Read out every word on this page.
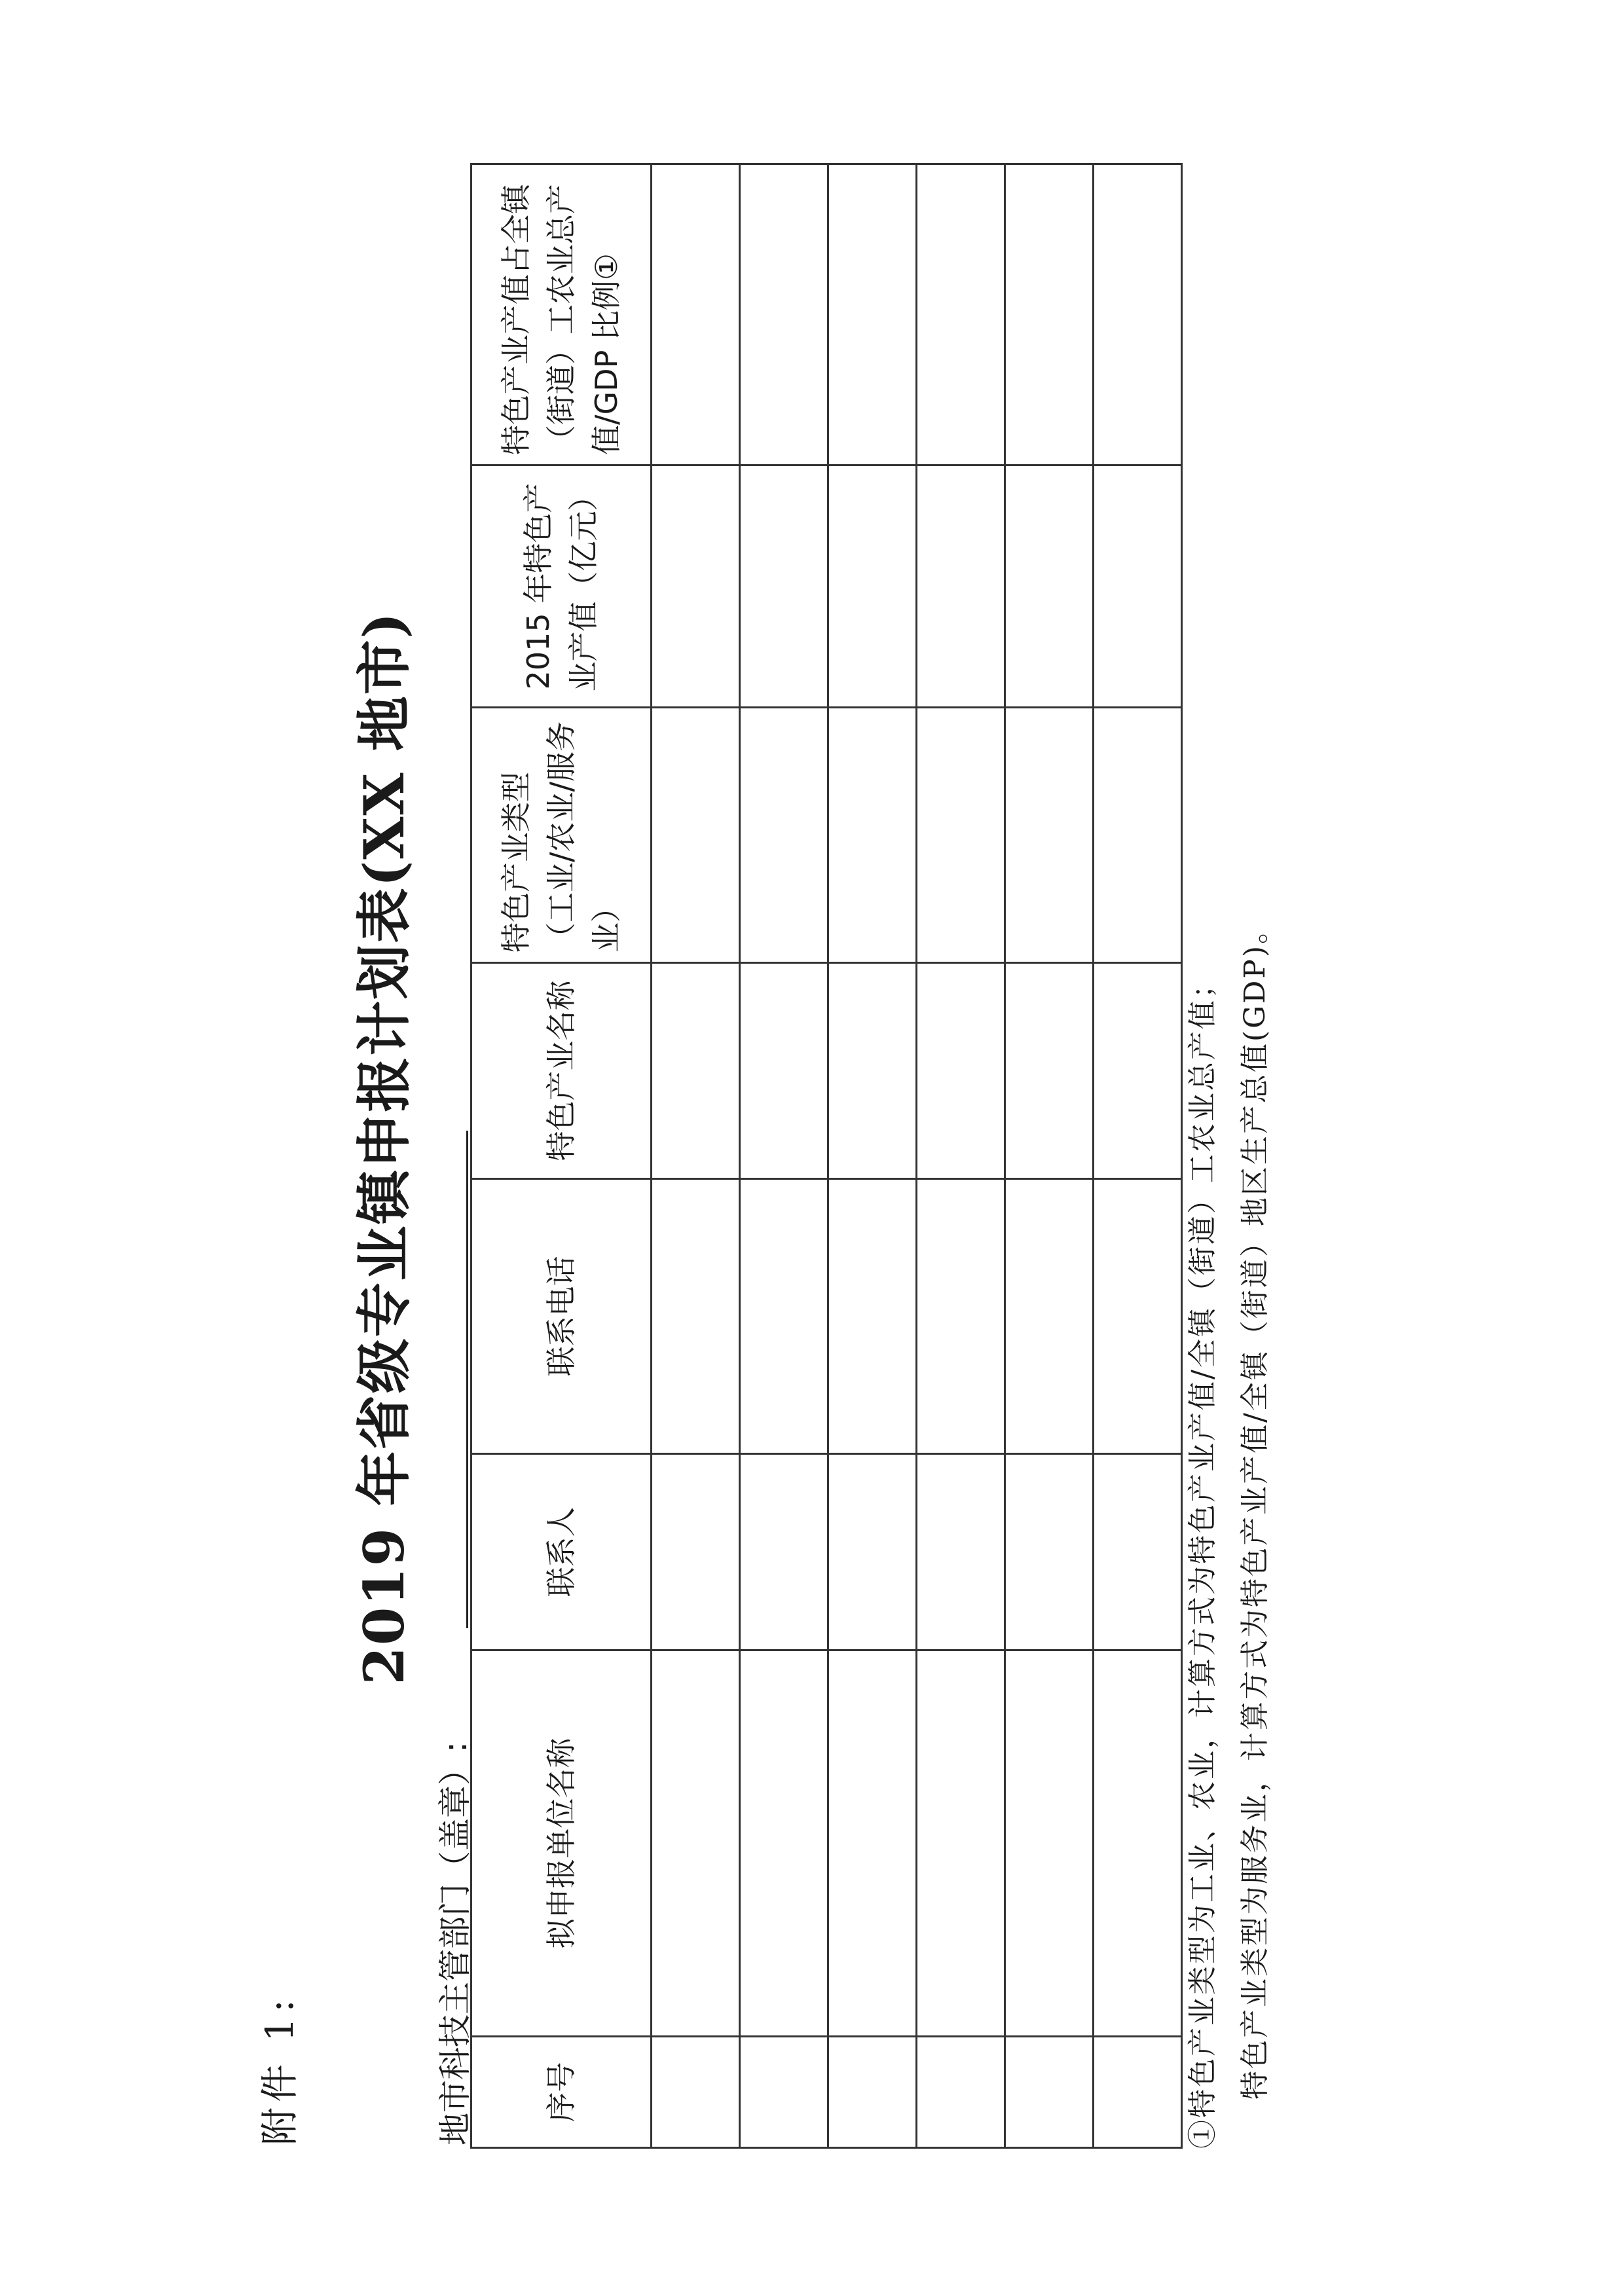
附件 1:
2019 年省级专业镇申报计划表(XX 地市)
地市科技主管部门（盖章）: 序号	拟申报单位名称	联系人	联系电话	特色产业名称	特色产业类型（工业/农业/服务业）	2015 年特色产业产值（亿元）	特色产业产值占全镇（街道）工农业总产值/GDP 比例①

①特色产业类型为工业、农业，计算方式为特色产业产值/全镇（街道）工农业总产值； 特色产业类型为服务业，计算方式为特色产业产值/全镇（街道）地区生产总值(GDP)。
